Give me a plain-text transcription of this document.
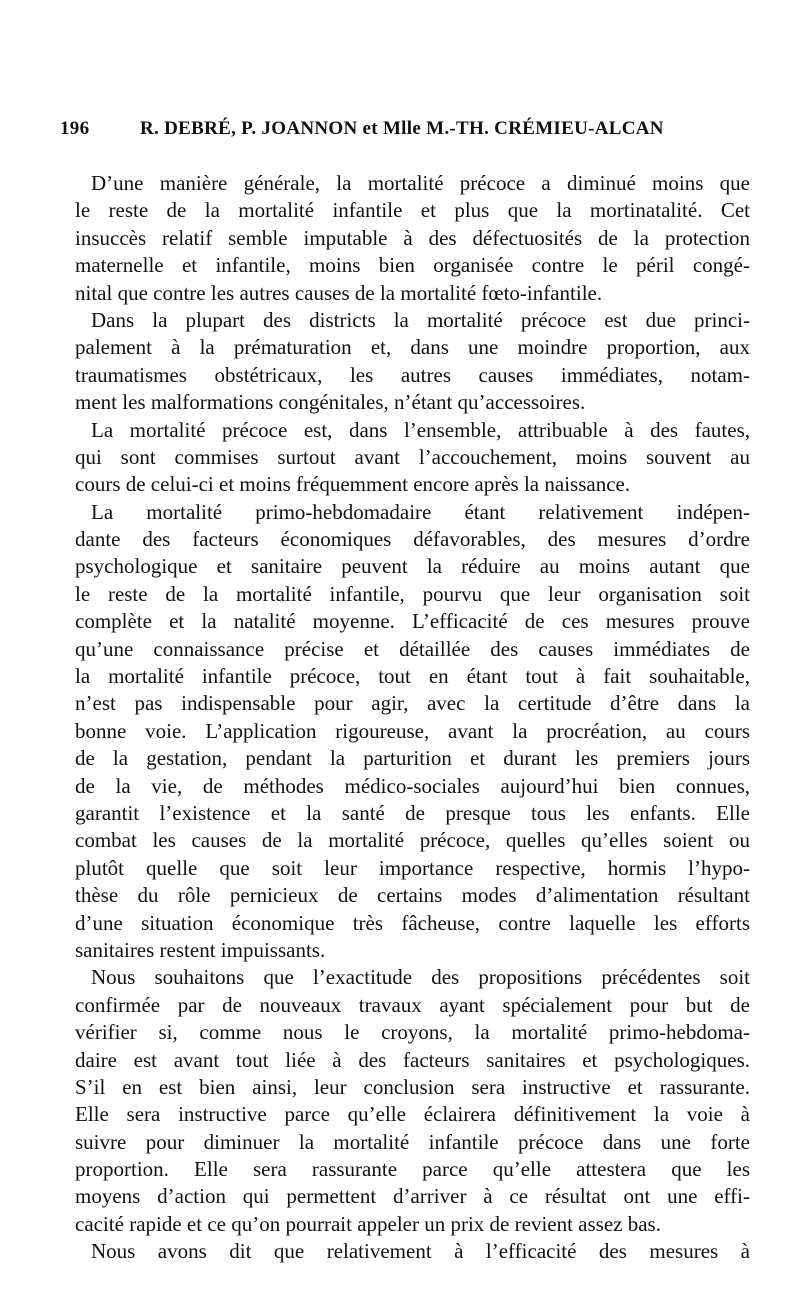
196	R. DEBRÉ, P. JOANNON et Mlle M.-TH. CRÉMIEU-ALCAN
D’une manière générale, la mortalité précoce a diminué moins que
le reste de la mortalité infantile et plus que la mortinatalité. Cet
insuccès relatif semble imputable à des défectuosités de la protection
maternelle et infantile, moins bien organisée contre le péril congé-
nital que contre les autres causes de la mortalité fœto-infantile.
Dans la plupart des districts la mortalité précoce est due princi-
palement à la prématuration et, dans une moindre proportion, aux
traumatismes obstétricaux, les autres causes immédiates, notam-
ment les malformations congénitales, n’étant qu’accessoires.
La mortalité précoce est, dans l’ensemble, attribuable à des fautes,
qui sont commises surtout avant l’accouchement, moins souvent au
cours de celui-ci et moins fréquemment encore après la naissance.
La mortalité primo-hebdomadaire étant relativement indépen-
dante des facteurs économiques défavorables, des mesures d’ordre
psychologique et sanitaire peuvent la réduire au moins autant que
le reste de la mortalité infantile, pourvu que leur organisation soit
complète et la natalité moyenne. L’efficacité de ces mesures prouve
qu’une connaissance précise et détaillée des causes immédiates de
la mortalité infantile précoce, tout en étant tout à fait souhaitable,
n’est pas indispensable pour agir, avec la certitude d’être dans la
bonne voie. L’application rigoureuse, avant la procréation, au cours
de la gestation, pendant la parturition et durant les premiers jours
de la vie, de méthodes médico-sociales aujourd’hui bien connues,
garantit l’existence et la santé de presque tous les enfants. Elle
combat les causes de la mortalité précoce, quelles qu’elles soient ou
plutôt quelle que soit leur importance respective, hormis l’hypo-
thèse du rôle pernicieux de certains modes d’alimentation résultant
d’une situation économique très fâcheuse, contre laquelle les efforts
sanitaires restent impuissants.
Nous souhaitons que l’exactitude des propositions précédentes soit
confirmée par de nouveaux travaux ayant spécialement pour but de
vérifier si, comme nous le croyons, la mortalité primo-hebdoma-
daire est avant tout liée à des facteurs sanitaires et psychologiques.
S’il en est bien ainsi, leur conclusion sera instructive et rassurante.
Elle sera instructive parce qu’elle éclairera définitivement la voie à
suivre pour diminuer la mortalité infantile précoce dans une forte
proportion. Elle sera rassurante parce qu’elle attestera que les
moyens d’action qui permettent d’arriver à ce résultat ont une effi-
cacité rapide et ce qu’on pourrait appeler un prix de revient assez bas.
Nous avons dit que relativement à l’efficacité des mesures à
